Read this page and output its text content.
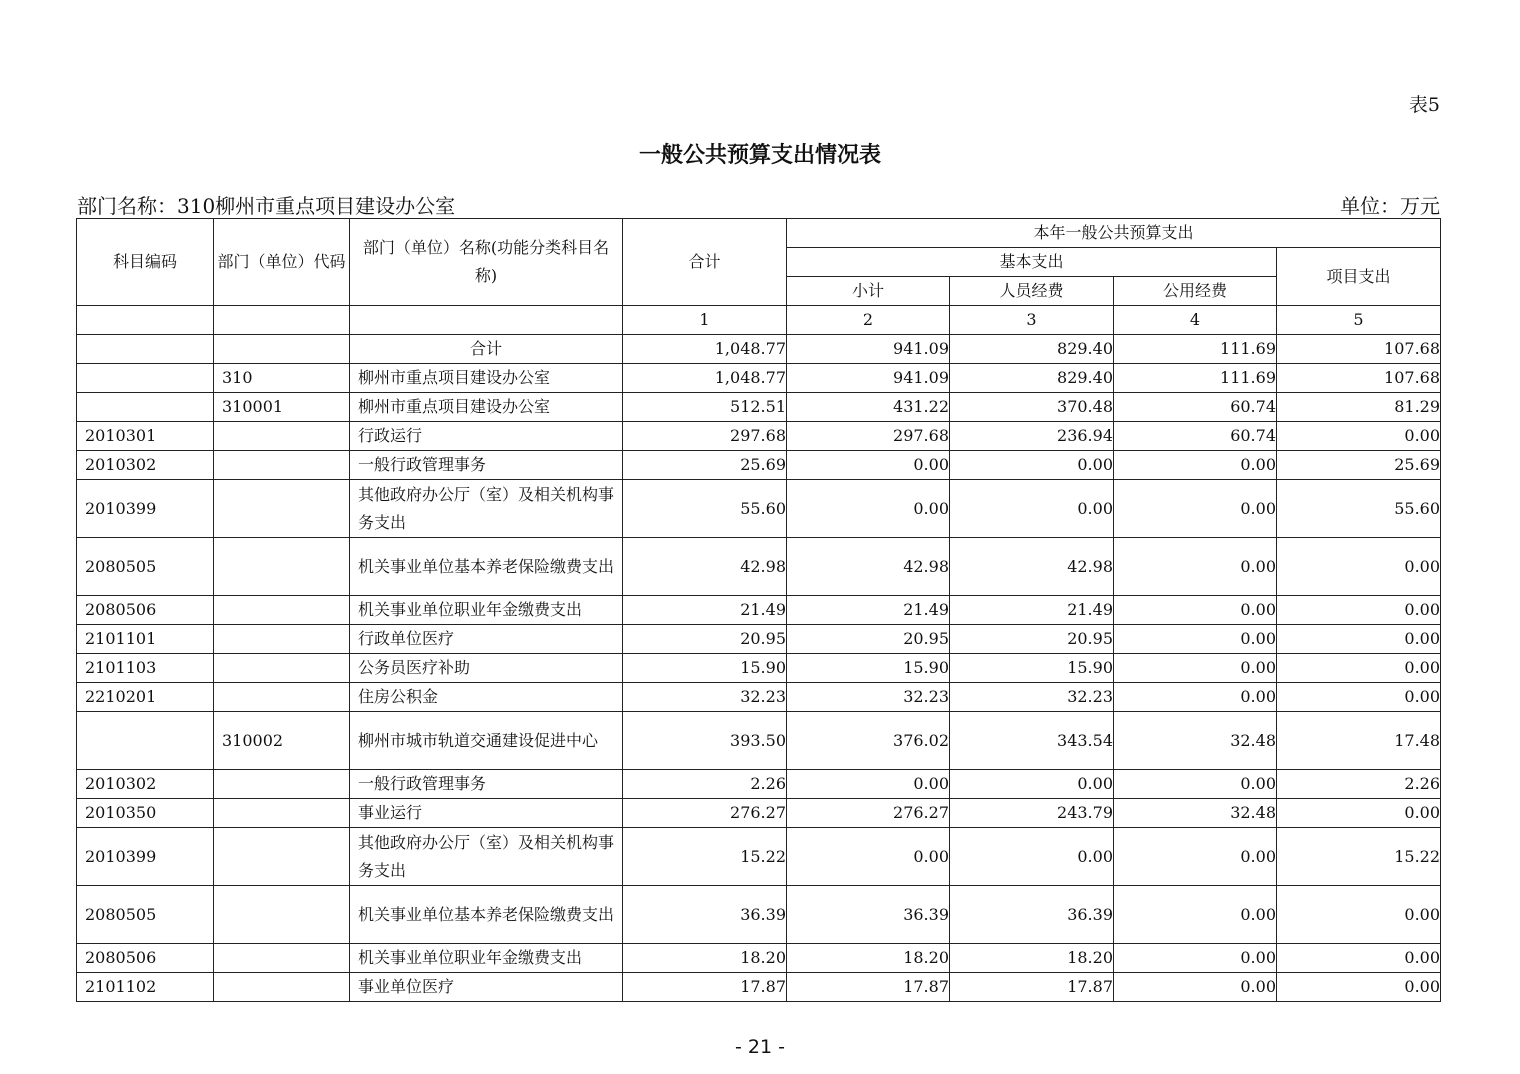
表5
一般公共预算支出情况表
部门名称：310柳州市重点项目建设办公室	单位：万元
科目编码	部门（单位）代码	部门（单位）名称(功能分类科目名称)	合计	本年一般公共预算支出			
				基本支出			项目支出
				小计	人员经费	公用经费	
			1	2	3	4	5
		合计	1,048.77	941.09	829.40	111.69	107.68
	310	柳州市重点项目建设办公室	1,048.77	941.09	829.40	111.69	107.68
	310001	柳州市重点项目建设办公室	512.51	431.22	370.48	60.74	81.29
2010301		行政运行	297.68	297.68	236.94	60.74	0.00
2010302		一般行政管理事务	25.69	0.00	0.00	0.00	25.69
2010399		其他政府办公厅（室）及相关机构事务支出	55.60	0.00	0.00	0.00	55.60
2080505		机关事业单位基本养老保险缴费支出	42.98	42.98	42.98	0.00	0.00
2080506		机关事业单位职业年金缴费支出	21.49	21.49	21.49	0.00	0.00
2101101		行政单位医疗	20.95	20.95	20.95	0.00	0.00
2101103		公务员医疗补助	15.90	15.90	15.90	0.00	0.00
2210201		住房公积金	32.23	32.23	32.23	0.00	0.00
	310002	柳州市城市轨道交通建设促进中心	393.50	376.02	343.54	32.48	17.48
2010302		一般行政管理事务	2.26	0.00	0.00	0.00	2.26
2010350		事业运行	276.27	276.27	243.79	32.48	0.00
2010399		其他政府办公厅（室）及相关机构事务支出	15.22	0.00	0.00	0.00	15.22
2080505		机关事业单位基本养老保险缴费支出	36.39	36.39	36.39	0.00	0.00
2080506		机关事业单位职业年金缴费支出	18.20	18.20	18.20	0.00	0.00
2101102		事业单位医疗	17.87	17.87	17.87	0.00	0.00
- 21 -
